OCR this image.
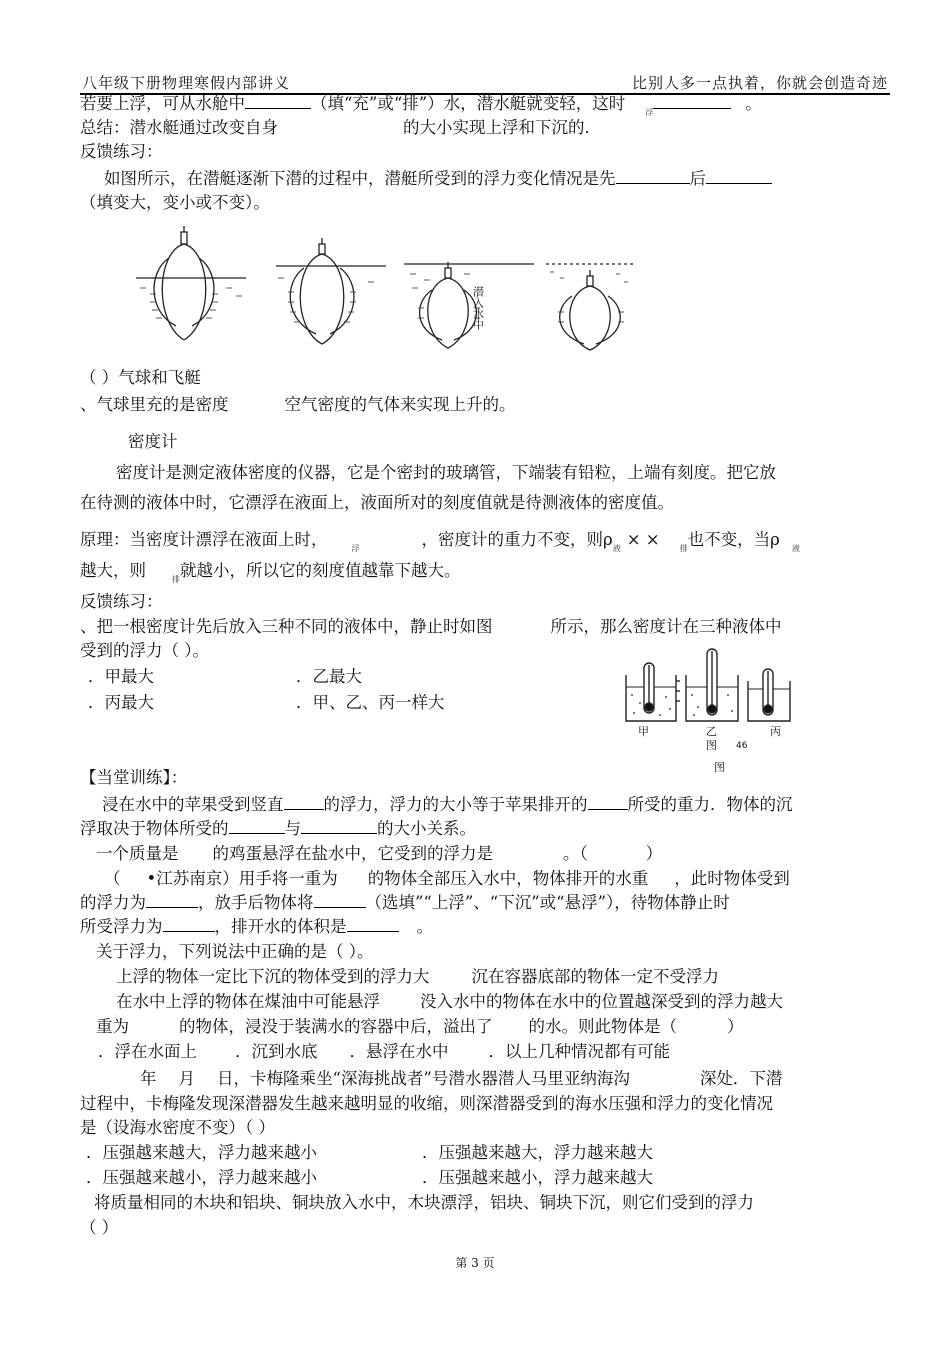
八年级下册物理寒假内部讲义	比别人多一点执着，你就会创造奇迹
若要上浮，可从水舱中	（填“充”或“排”）水，潜水艇就变轻，这时	$_浮$	。
总结：潜水艇通过改变自身	的大小实现上浮和下沉的．
反馈练习：
如图所示，在潜艇逐渐下潜的过程中，潜艇所受到的浮力变化情况是先	后
（填变大，变小或不变）。
潜入水中
（ ）气球和飞艇
、气球里充的是密度	空气密度的气体来实现上升的。
密度计
密度计是测定液体密度的仪器，它是个密封的玻璃管，下端装有铅粒，上端有刻度。把它放
在待测的液体中时，它漂浮在液面上，液面所对的刻度值就是待测液体的密度值。
原理：当密度计漂浮在液面上时，	$_浮$	，密度计的重力不变，则$\rho_液$ × ×	$_排$也不变，当ρ $_液$
越大，则	$_排$就越小，所以它的刻度值越靠下越大。
反馈练习：
、把一根密度计先后放入三种不同的液体中，静止时如图	所示，那么密度计在三种液体中
受到的浮力（ ）。
．甲最大	．乙最大
．丙最大	．甲、乙、丙一样大
甲	乙	丙
图 46
图
【当堂训练】：
浸在水中的苹果受到竖直 的浮力，浮力的大小等于苹果排开的 所受的重力．物体的沉
浮取决于物体所受的	与	的大小关系。
一个质量是 的鸡蛋悬浮在盐水中，它受到的浮力是	。（	）
（ •江苏南京）用手将一重为 的物体全部压入水中，物体排开的水重 ，此时物体受到
的浮力为	，放手后物体将	（选填”“上浮”、“下沉”或“悬浮”），待物体静止时
所受浮力为	，排开水的体积是	。
关于浮力，下列说法中正确的是（ ）。
上浮的物体一定比下沉的物体受到的浮力大	沉在容器底部的物体一定不受浮力
在水中上浮的物体在煤油中可能悬浮 没入水中的物体在水中的位置越深受到的浮力越大
重为	的物体，浸没于装满水的容器中后，溢出了 的水。则此物体是（	）
．浮在水面上 ．沉到水底 ．悬浮在水中 ．以上几种情况都有可能
年 月 日，卡梅隆乘坐“深海挑战者”号潜水器潜人马里亚纳海沟	深处．下潜
过程中，卡梅隆发现深潜器发生越来越明显的收缩，则深潜器受到的海水压强和浮力的变化情况
是（设海水密度不变）（ ）
．压强越来越大，浮力越来越小	．压强越来越大，浮力越来越大
．压强越来越小，浮力越来越小	．压强越来越小，浮力越来越大
将质量相同的木块和铝块、铜块放入水中，木块漂浮，铝块、铜块下沉，则它们受到的浮力
（ ）
第 3 页
